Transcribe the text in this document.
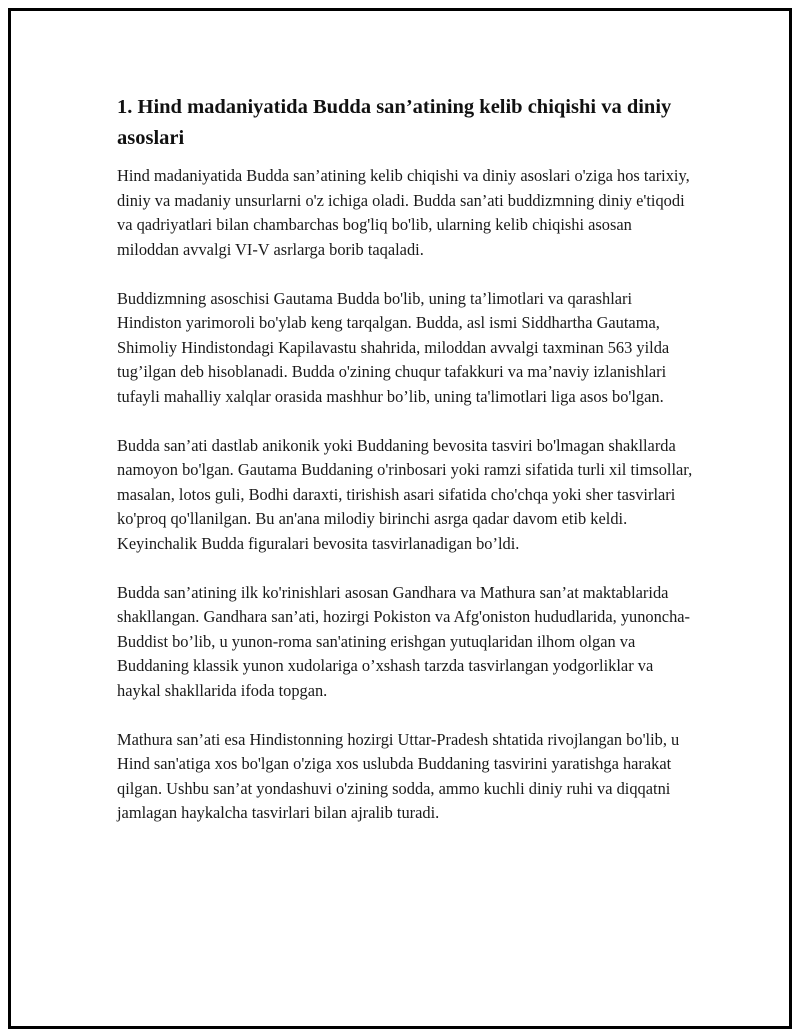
1. Hind madaniyatida Budda san’atining kelib chiqishi va diniy asoslari

Hind madaniyatida Budda san’atining kelib chiqishi va diniy asoslari o'ziga hos tarixiy, diniy va madaniy unsurlarni o'z ichiga oladi. Budda san’ati buddizmning diniy e'tiqodi va qadriyatlari bilan chambarchas bog'liq bo'lib, ularning kelib chiqishi asosan miloddan avvalgi VI-V asrlarga borib taqaladi.

Buddizmning asoschisi Gautama Budda bo'lib, uning ta’limotlari va qarashlari Hindiston yarimoroli bo'ylab keng tarqalgan. Budda, asl ismi Siddhartha Gautama, Shimoliy Hindistondagi Kapilavastu shahrida, miloddan avvalgi taxminan 563 yilda tug’ilgan deb hisoblanadi. Budda o'zining chuqur tafakkuri va ma’naviy izlanishlari tufayli mahalliy xalqlar orasida mashhur bo’lib, uning ta'limotlari liga asos bo'lgan.

Budda san’ati dastlab anikonik yoki Buddaning bevosita tasviri bo'lmagan shakllarda namoyon bo'lgan. Gautama Buddaning o'rinbosari yoki ramzi sifatida turli xil timsollar, masalan, lotos guli, Bodhi daraxti, tirishish asari sifatida cho'chqa yoki sher tasvirlari ko'proq qo'llanilgan. Bu an'ana milodiy birinchi asrga qadar davom etib keldi. Keyinchalik Budda figuralari bevosita tasvirlanadigan bo’ldi.

Budda san’atining ilk ko'rinishlari asosan Gandhara va Mathura san’at maktablarida shakllangan. Gandhara san’ati, hozirgi Pokiston va Afg'oniston hududlarida, yunoncha-Buddist bo’lib, u yunon-roma san'atining erishgan yutuqlaridan ilhom olgan va Buddaning klassik yunon xudolariga o’xshash tarzda tasvirlangan yodgorliklar va haykal shakllarida ifoda topgan.

Mathura san’ati esa Hindistonning hozirgi Uttar-Pradesh shtatida rivojlangan bo'lib, u Hind san'atiga xos bo'lgan o'ziga xos uslubda Buddaning tasvirini yaratishga harakat qilgan. Ushbu san’at yondashuvi o'zining sodda, ammo kuchli diniy ruhi va diqqatni jamlagan haykalcha tasvirlari bilan ajralib turadi.
